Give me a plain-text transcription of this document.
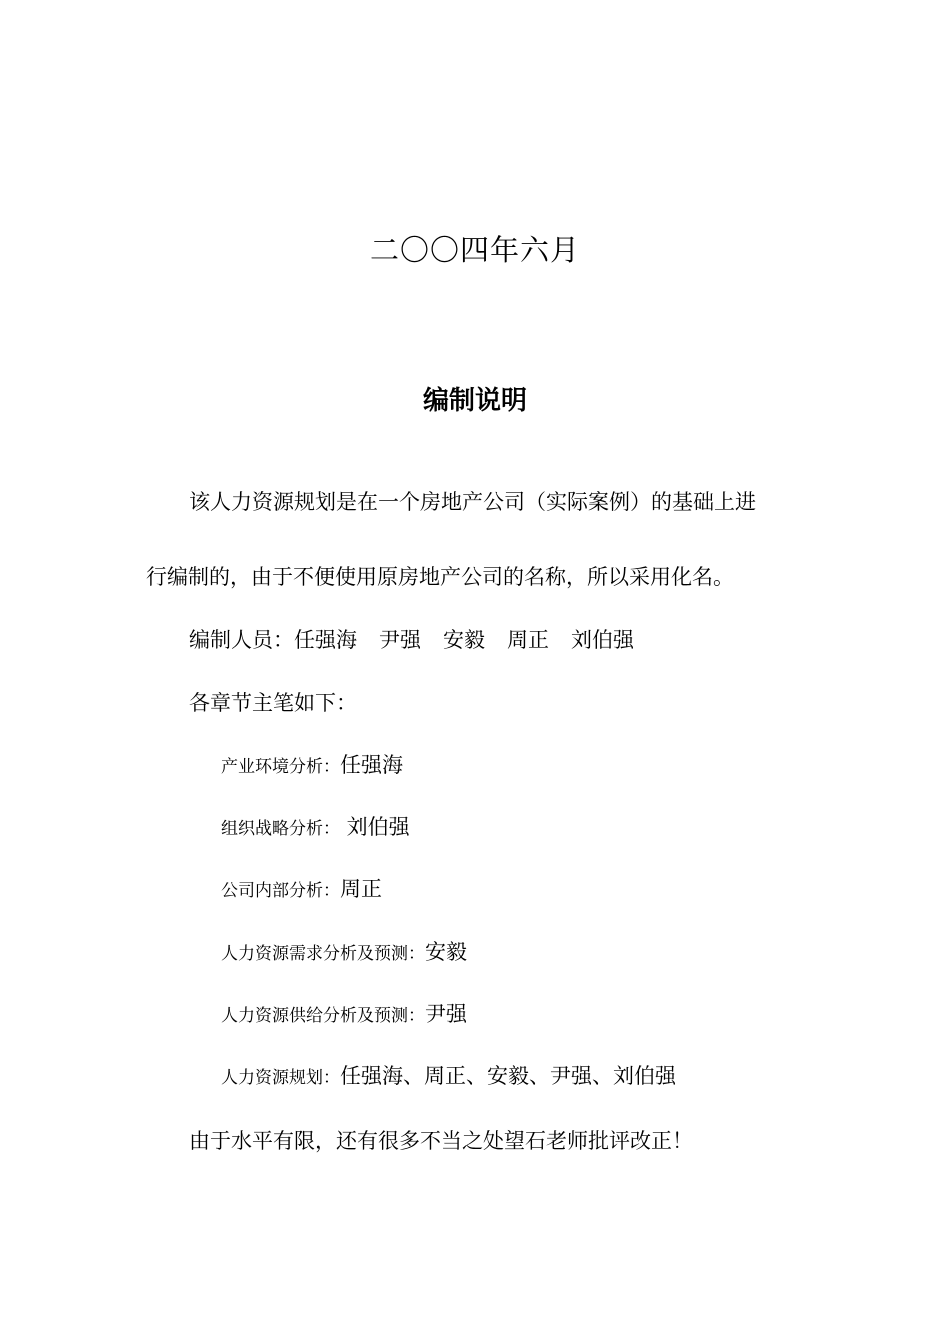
二〇〇四年六月
编制说明
该人力资源规划是在一个房地产公司（实际案例）的基础上进
行编制的，由于不便使用原房地产公司的名称，所以采用化名。
编制人员：任强海 尹强 安毅 周正 刘伯强
各章节主笔如下：
产业环境分析：任强海
组织战略分析： 刘伯强
公司内部分析：周正
人力资源需求分析及预测：安毅
人力资源供给分析及预测：尹强
人力资源规划：任强海、周正、安毅、尹强、刘伯强
由于水平有限，还有很多不当之处望石老师批评改正！
